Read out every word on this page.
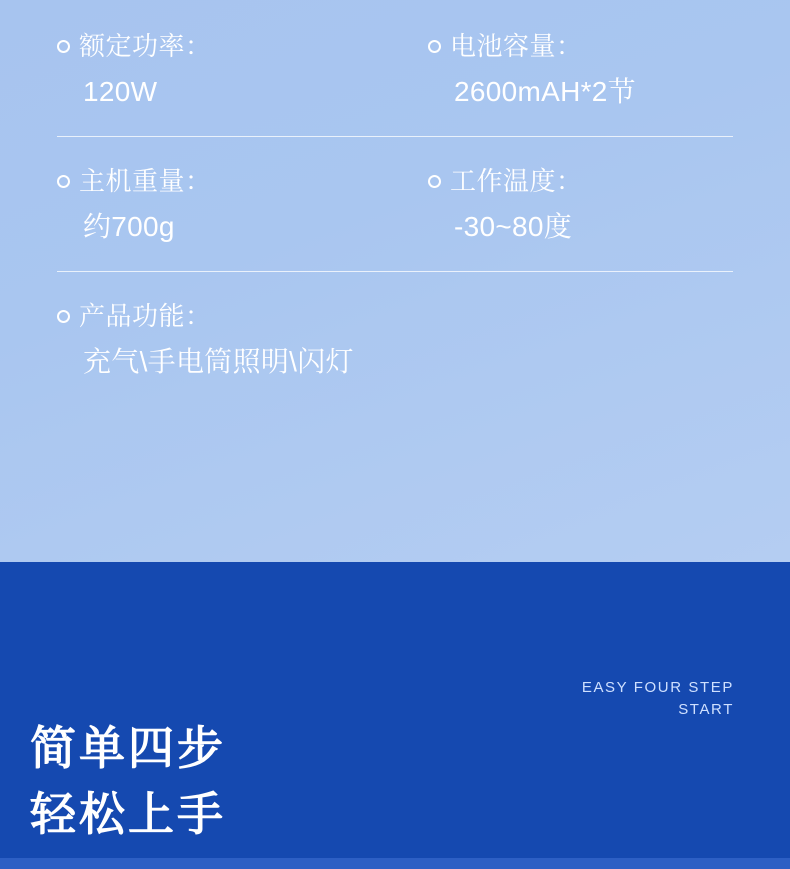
额定功率：
120W
电池容量：
2600mAH*2节
主机重量：
约700g
工作温度：
-30~80度
产品功能：
充气\手电筒照明\闪灯
简单四步
轻松上手
EASY FOUR STEP
START
